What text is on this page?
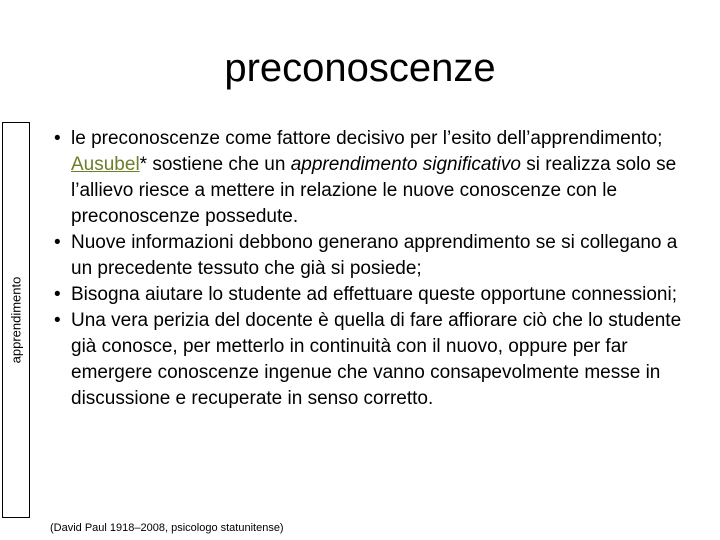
preconoscenze
apprendimento
• le preconoscenze come fattore decisivo per l’esito dell’apprendimento; Ausubel* sostiene che un apprendimento significativo si realizza solo se l’allievo riesce a mettere in relazione le nuove conoscenze con le preconoscenze possedute.
• Nuove informazioni debbono generano apprendimento se si collegano a un precedente tessuto che già si posiede;
• Bisogna aiutare lo studente ad effettuare queste opportune connessioni;
• Una vera perizia del docente è quella di fare affiorare ciò che lo studente già conosce, per metterlo in continuità con il nuovo, oppure per far emergere conoscenze ingenue che vanno consapevolmente messe in discussione e recuperate in senso corretto.
(David Paul 1918–2008, psicologo statunitense)
